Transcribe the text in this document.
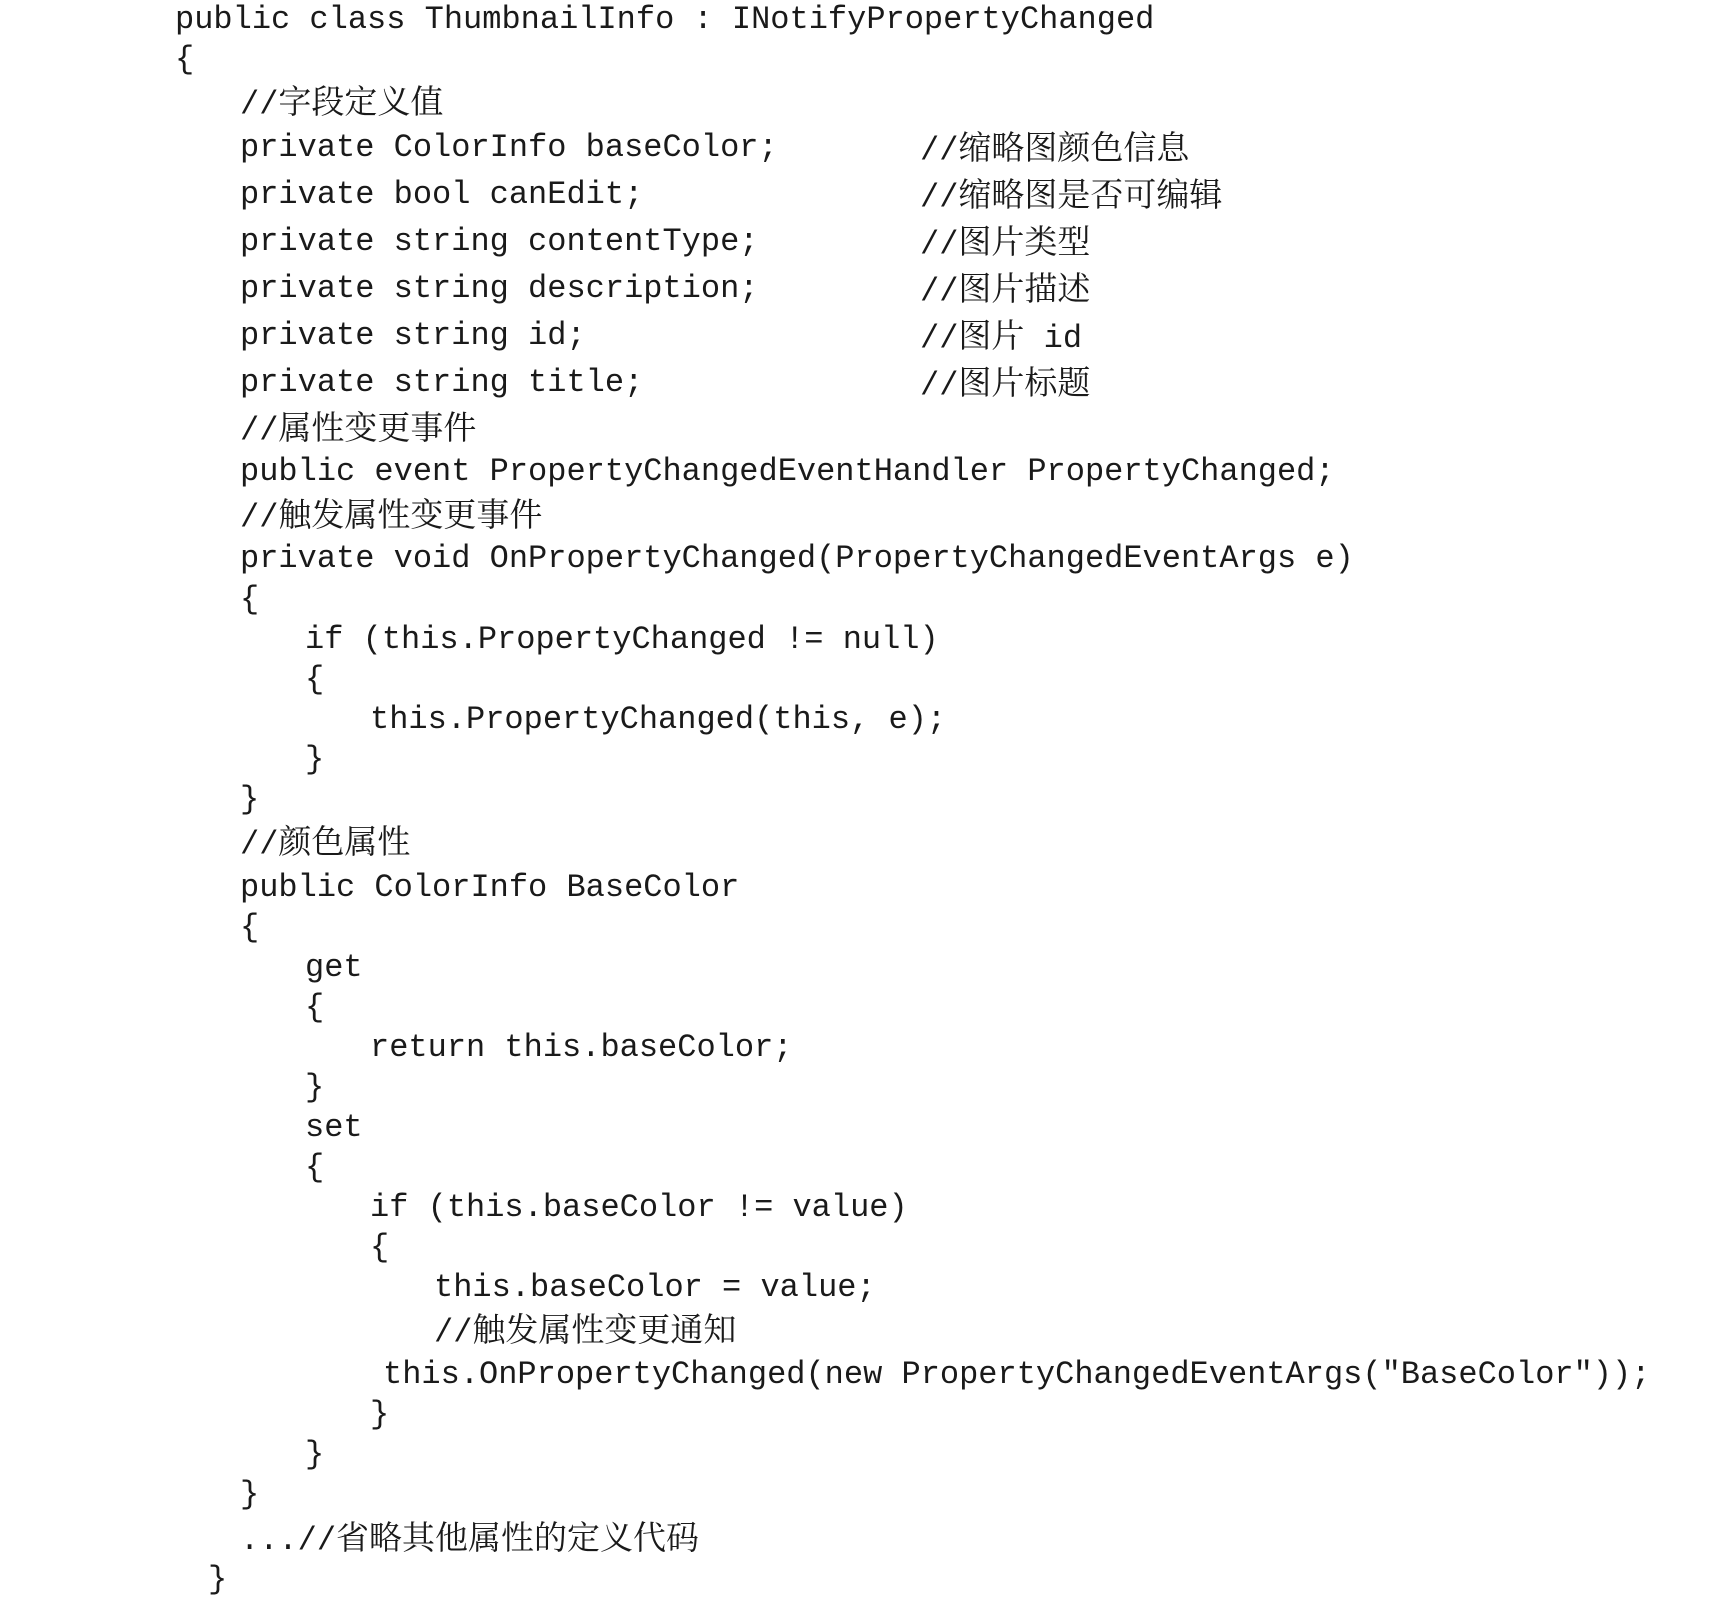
public class ThumbnailInfo : INotifyPropertyChanged
{
//字段定义值
private ColorInfo baseColor;	//缩略图颜色信息
private bool canEdit;	//缩略图是否可编辑
private string contentType;	//图片类型
private string description;	//图片描述
private string id;	//图片 id
private string title;	//图片标题
//属性变更事件
public event PropertyChangedEventHandler PropertyChanged;
//触发属性变更事件
private void OnPropertyChanged(PropertyChangedEventArgs e)
{
if (this.PropertyChanged != null)
{
this.PropertyChanged(this, e);
}
}
//颜色属性
public ColorInfo BaseColor
{
get
{
return this.baseColor;
}
set
{
if (this.baseColor != value)
{
this.baseColor = value;
//触发属性变更通知
this.OnPropertyChanged(new PropertyChangedEventArgs("BaseColor"));
}
}
}
...//省略其他属性的定义代码
}
